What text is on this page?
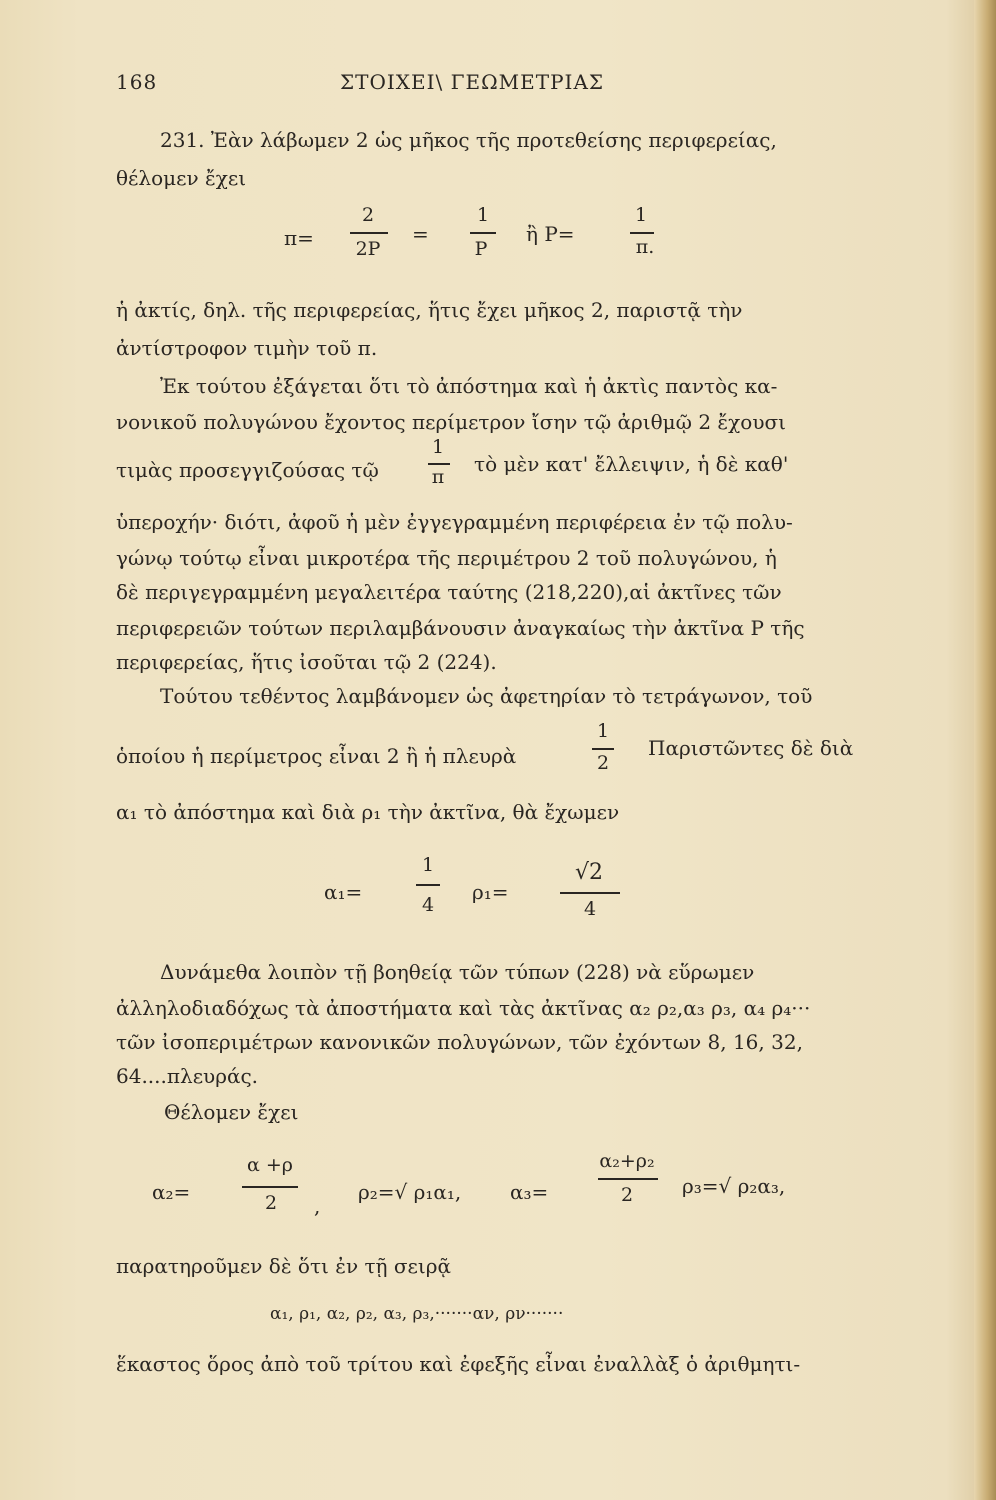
168	ΣΤΟΙΧΕΙ\ ΓΕΩΜΕΤΡΙΑΣ
231. Ἐὰν λάβωμεν 2 ὡς μῆκος τῆς προτεθείσης περιφερείας,
θέλομεν ἔχει
π=
2
2P
=
1
P
ἢ P=
1
π.
ἡ ἀκτίς, δηλ. τῆς περιφερείας, ἥτις ἔχει μῆκος 2, παριστᾷ τὴν
ἀντίστροφον τιμὴν τοῦ π.
Ἐκ τούτου ἐξάγεται ὅτι τὸ ἀπόστημα καὶ ἡ ἀκτὶς παντὸς κα-
νονικοῦ πολυγώνου ἔχοντος περίμετρον ἴσην τῷ ἀριθμῷ 2 ἔχουσι
τιμὰς προσεγγιζούσας τῷ
1
π
τὸ μὲν κατ' ἔλλειψιν, ἡ δὲ καθ'
ὑπεροχήν· διότι, ἀφοῦ ἡ μὲν ἐγγεγραμμένη περιφέρεια ἐν τῷ πολυ-
γώνῳ τούτῳ εἶναι μικροτέρα τῆς περιμέτρου 2 τοῦ πολυγώνου, ἡ
δὲ περιγεγραμμένη μεγαλειτέρα ταύτης (218,220),αἱ ἀκτῖνες τῶν
περιφερειῶν τούτων περιλαμβάνουσιν ἀναγκαίως τὴν ἀκτῖνα P τῆς
περιφερείας, ἥτις ἰσοῦται τῷ 2 (224).
Τούτου τεθέντος λαμβάνομεν ὡς ἀφετηρίαν τὸ τετράγωνον, τοῦ
ὁποίου ἡ περίμετρος εἶναι 2 ἢ ἡ πλευρὰ
1
2
Παριστῶντες δὲ διὰ
α₁ τὸ ἀπόστημα καὶ διὰ ρ₁ τὴν ἀκτῖνα, θὰ ἔχωμεν
α₁=
1
4
ρ₁=
√2
4
Δυνάμεθα λοιπὸν τῇ βοηθείᾳ τῶν τύπων (228) νὰ εὕρωμεν
ἀλληλοδιαδόχως τὰ ἀποστήματα καὶ τὰς ἀκτῖνας α₂ ρ₂,α₃ ρ₃, α₄ ρ₄···
τῶν ἰσοπεριμέτρων κανονικῶν πολυγώνων, τῶν ἐχόντων 8, 16, 32,
64....πλευράς.
Θέλομεν ἔχει
α₂=
α +ρ
2	,
ρ₂=√ ρ₁α₁, α₃=
α₂+ρ₂
2	ρ₃=√ ρ₂α₃,
παρατηροῦμεν δὲ ὅτι ἐν τῇ σειρᾷ
α₁, ρ₁, α₂, ρ₂, α₃, ρ₃,·······αν, ρν·······
ἕκαστος ὅρος ἀπὸ τοῦ τρίτου καὶ ἐφεξῆς εἶναι ἐναλλὰξ ὁ ἀριθμητι-
